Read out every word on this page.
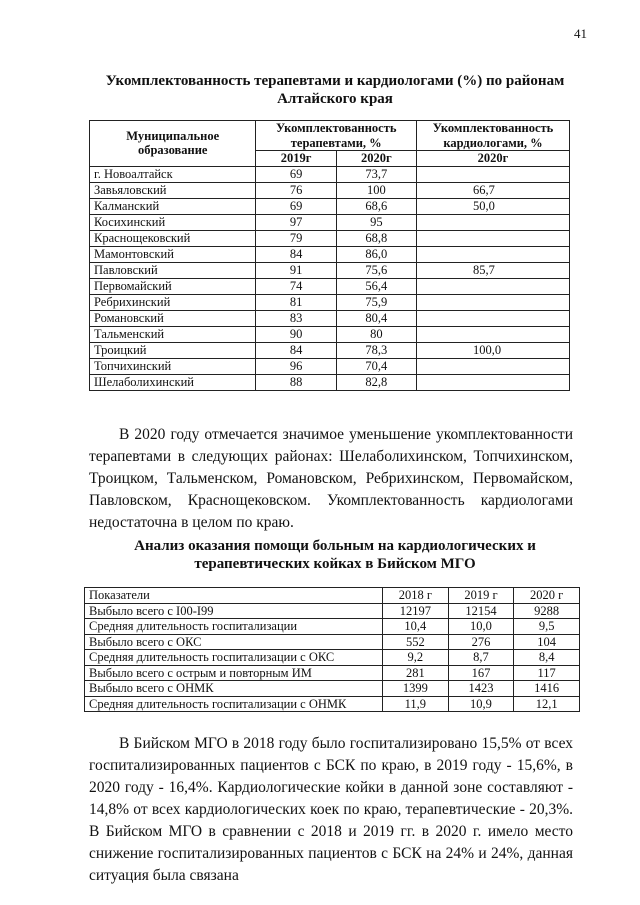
41
Укомплектованность терапевтами и кардиологами (%) по районам Алтайского края
Муниципальное образование	Укомплектованность терапевтами, %		Укомплектованность кардиологами, %
	2019г	2020г	2020г
г. Новоалтайск	69	73,7	
Завьяловский	76	100	66,7
Калманский	69	68,6	50,0
Косихинский	97	95	
Краснощековский	79	68,8	
Мамонтовский	84	86,0	
Павловский	91	75,6	85,7
Первомайский	74	56,4	
Ребрихинский	81	75,9	
Романовский	83	80,4	
Тальменский	90	80	
Троицкий	84	78,3	100,0
Топчихинский	96	70,4	
Шелаболихинский	88	82,8	
В 2020 году отмечается значимое уменьшение укомплектованности терапевтами в следующих районах: Шелаболихинском, Топчихинском, Троицком, Тальменском, Романовском, Ребрихинском, Первомайском, Павловском, Краснощековском. Укомплектованность кардиологами недостаточна в целом по краю.
Анализ оказания помощи больным на кардиологических и терапевтических койках в Бийском МГО
Показатели	2018 г	2019 г	2020 г
Выбыло всего с I00-I99	12197	12154	9288
Средняя длительность госпитализации	10,4	10,0	9,5
Выбыло всего с ОКС	552	276	104
Средняя длительность госпитализации с ОКС	9,2	8,7	8,4
Выбыло всего с острым и повторным ИМ	281	167	117
Выбыло всего с ОНМК	1399	1423	1416
Средняя длительность госпитализации с ОНМК	11,9	10,9	12,1
В Бийском МГО в 2018 году было госпитализировано 15,5% от всех госпитализированных пациентов с БСК по краю, в 2019 году - 15,6%, в 2020 году - 16,4%. Кардиологические койки в данной зоне составляют - 14,8% от всех кардиологических коек по краю, терапевтические - 20,3%. В Бийском МГО в сравнении с 2018 и 2019 гг. в 2020 г. имело место снижение госпитализированных пациентов с БСК на 24% и 24%, данная ситуация была связана
